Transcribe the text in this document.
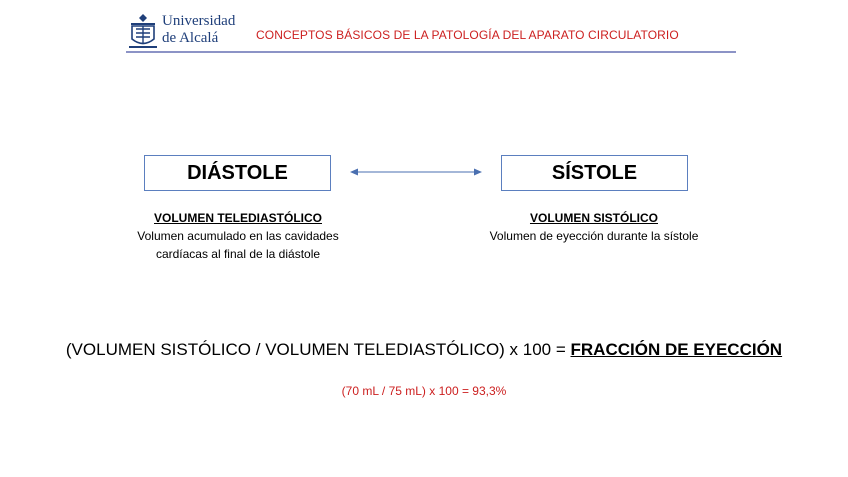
Universidad
de Alcalá	CONCEPTOS BÁSICOS DE LA PATOLOGÍA DEL APARATO CIRCULATORIO
DIÁSTOLE	SÍSTOLE
VOLUMEN TELEDIASTÓLICO
Volumen acumulado en las cavidades
cardíacas al final de la diástole
VOLUMEN SISTÓLICO
Volumen de eyección durante la sístole
(VOLUMEN SISTÓLICO / VOLUMEN TELEDIASTÓLICO) x 100 = FRACCIÓN DE EYECCIÓN
(70 mL / 75 mL) x 100 = 93,3%
